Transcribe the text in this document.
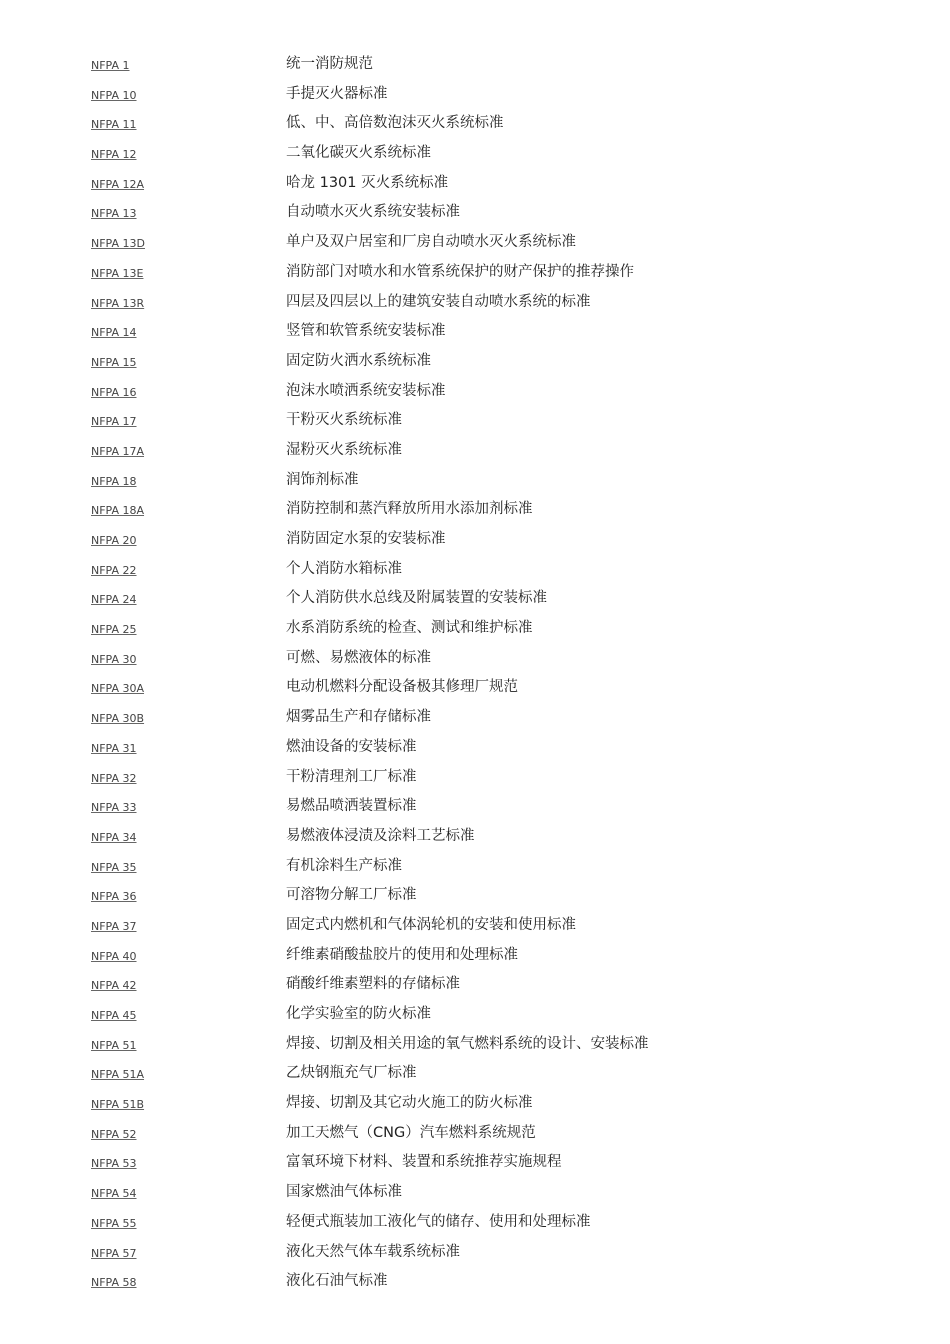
NFPA 1	统一消防规范
NFPA 10	手提灭火器标准
NFPA 11	低、中、高倍数泡沫灭火系统标准
NFPA 12	二氧化碳灭火系统标准
NFPA 12A	哈龙 1301 灭火系统标准
NFPA 13	自动喷水灭火系统安装标准
NFPA 13D	单户及双户居室和厂房自动喷水灭火系统标准
NFPA 13E	消防部门对喷水和水管系统保护的财产保护的推荐操作
NFPA 13R	四层及四层以上的建筑安装自动喷水系统的标准
NFPA 14	竖管和软管系统安装标准
NFPA 15	固定防火洒水系统标准
NFPA 16	泡沫水喷洒系统安装标准
NFPA 17	干粉灭火系统标准
NFPA 17A	湿粉灭火系统标准
NFPA 18	润饰剂标准
NFPA 18A	消防控制和蒸汽释放所用水添加剂标准
NFPA 20	消防固定水泵的安装标准
NFPA 22	个人消防水箱标准
NFPA 24	个人消防供水总线及附属装置的安装标准
NFPA 25	水系消防系统的检查、测试和维护标准
NFPA 30	可燃、易燃液体的标准
NFPA 30A	电动机燃料分配设备极其修理厂规范
NFPA 30B	烟雾品生产和存储标准
NFPA 31	燃油设备的安装标准
NFPA 32	干粉清理剂工厂标准
NFPA 33	易燃品喷洒装置标准
NFPA 34	易燃液体浸渍及涂料工艺标准
NFPA 35	有机涂料生产标准
NFPA 36	可溶物分解工厂标准
NFPA 37	固定式内燃机和气体涡轮机的安装和使用标准
NFPA 40	纤维素硝酸盐胶片的使用和处理标准
NFPA 42	硝酸纤维素塑料的存储标准
NFPA 45	化学实验室的防火标准
NFPA 51	焊接、切割及相关用途的氧气燃料系统的设计、安装标准
NFPA 51A	乙炔钢瓶充气厂标准
NFPA 51B	焊接、切割及其它动火施工的防火标准
NFPA 52	加工天燃气（CNG）汽车燃料系统规范
NFPA 53	富氧环境下材料、装置和系统推荐实施规程
NFPA 54	国家燃油气体标准
NFPA 55	轻便式瓶装加工液化气的储存、使用和处理标准
NFPA 57	液化天然气体车载系统标准
NFPA 58	液化石油气标准
